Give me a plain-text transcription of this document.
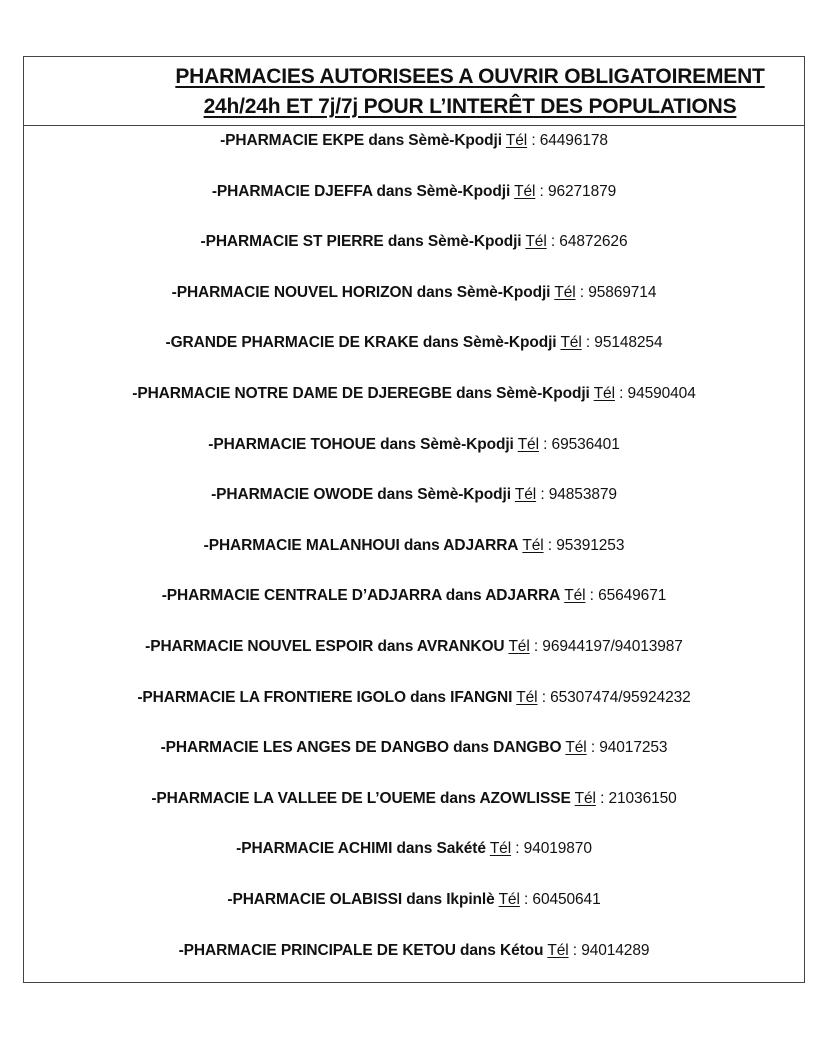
PHARMACIES AUTORISEES A OUVRIR OBLIGATOIREMENT
24h/24h ET 7j/7j POUR L’INTERÊT DES POPULATIONS
-PHARMACIE EKPE dans Sèmè-Kpodji Tél : 64496178
-PHARMACIE DJEFFA dans Sèmè-Kpodji Tél : 96271879
-PHARMACIE ST PIERRE dans Sèmè-Kpodji Tél : 64872626
-PHARMACIE NOUVEL HORIZON dans Sèmè-Kpodji Tél : 95869714
-GRANDE PHARMACIE DE KRAKE dans Sèmè-Kpodji Tél : 95148254
-PHARMACIE NOTRE DAME DE DJEREGBE dans Sèmè-Kpodji Tél : 94590404
-PHARMACIE TOHOUE dans Sèmè-Kpodji Tél : 69536401
-PHARMACIE OWODE dans Sèmè-Kpodji Tél : 94853879
-PHARMACIE MALANHOUI dans ADJARRA Tél : 95391253
-PHARMACIE CENTRALE D’ADJARRA dans ADJARRA Tél : 65649671
-PHARMACIE NOUVEL ESPOIR dans AVRANKOU Tél : 96944197/94013987
-PHARMACIE LA FRONTIERE IGOLO dans IFANGNI Tél : 65307474/95924232
-PHARMACIE LES ANGES DE DANGBO dans DANGBO Tél : 94017253
-PHARMACIE LA VALLEE DE L’OUEME dans AZOWLISSE Tél : 21036150
-PHARMACIE ACHIMI dans Sakété Tél : 94019870
-PHARMACIE OLABISSI dans Ikpinlè Tél : 60450641
-PHARMACIE PRINCIPALE DE KETOU dans Kétou Tél : 94014289
